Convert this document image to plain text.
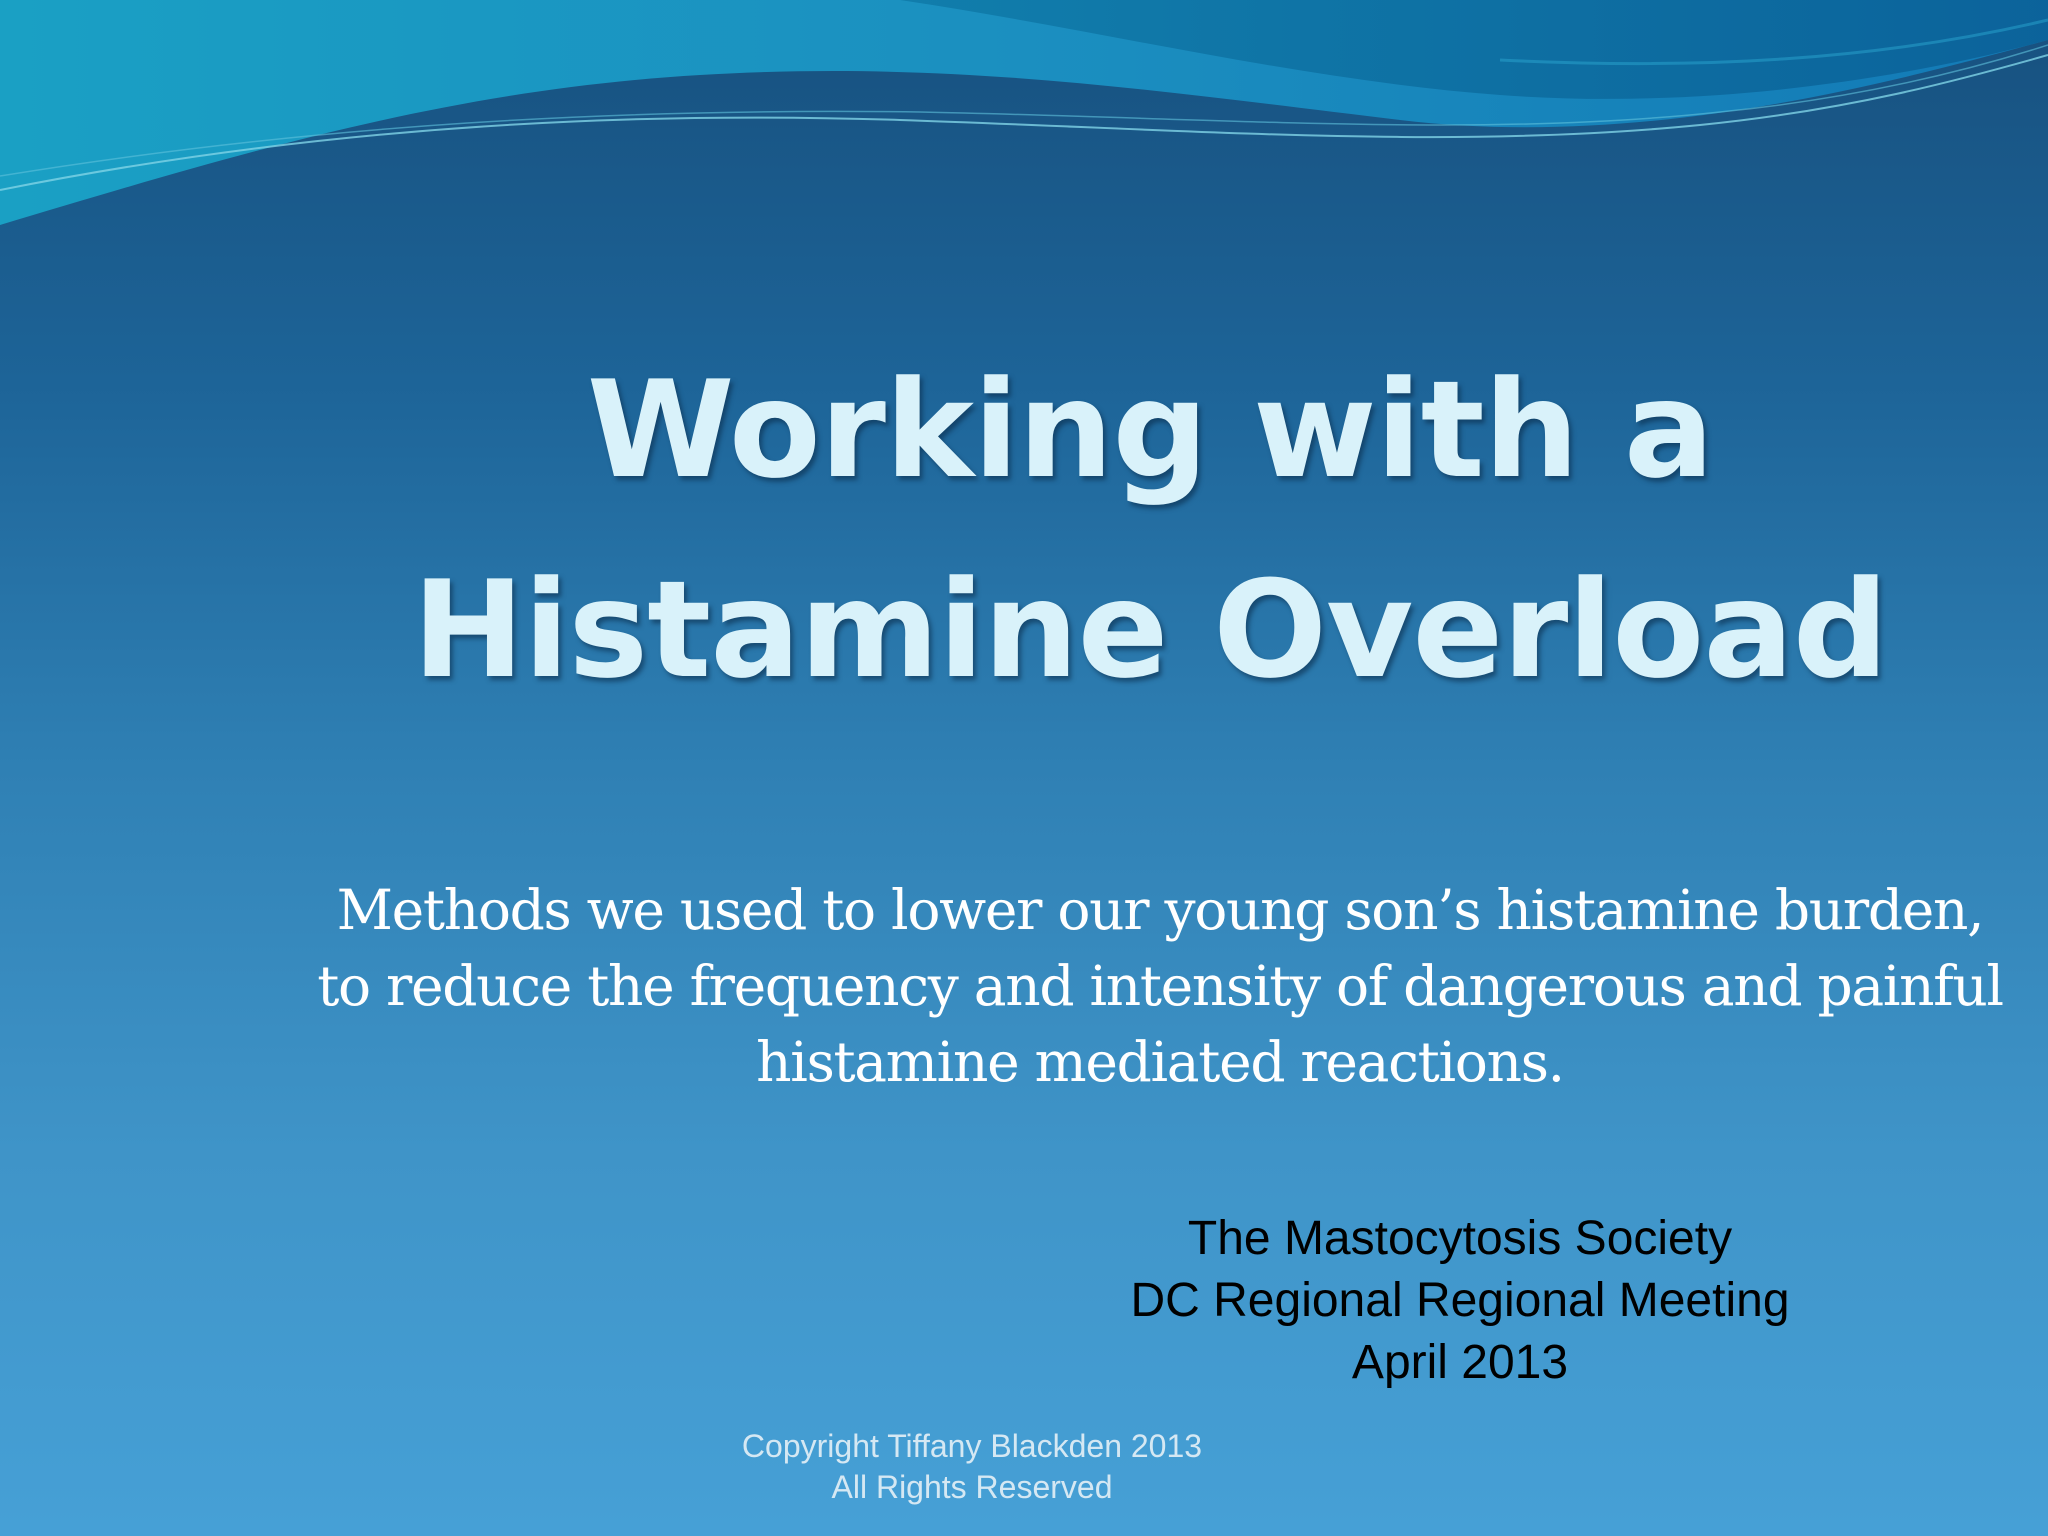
Working with a
Histamine Overload

Methods we used to lower our young son’s histamine burden,
to reduce the frequency and intensity of dangerous and painful
histamine mediated reactions.

The Mastocytosis Society
DC Regional Regional Meeting
April 2013
Copyright Tiffany Blackden 2013
All Rights Reserved
